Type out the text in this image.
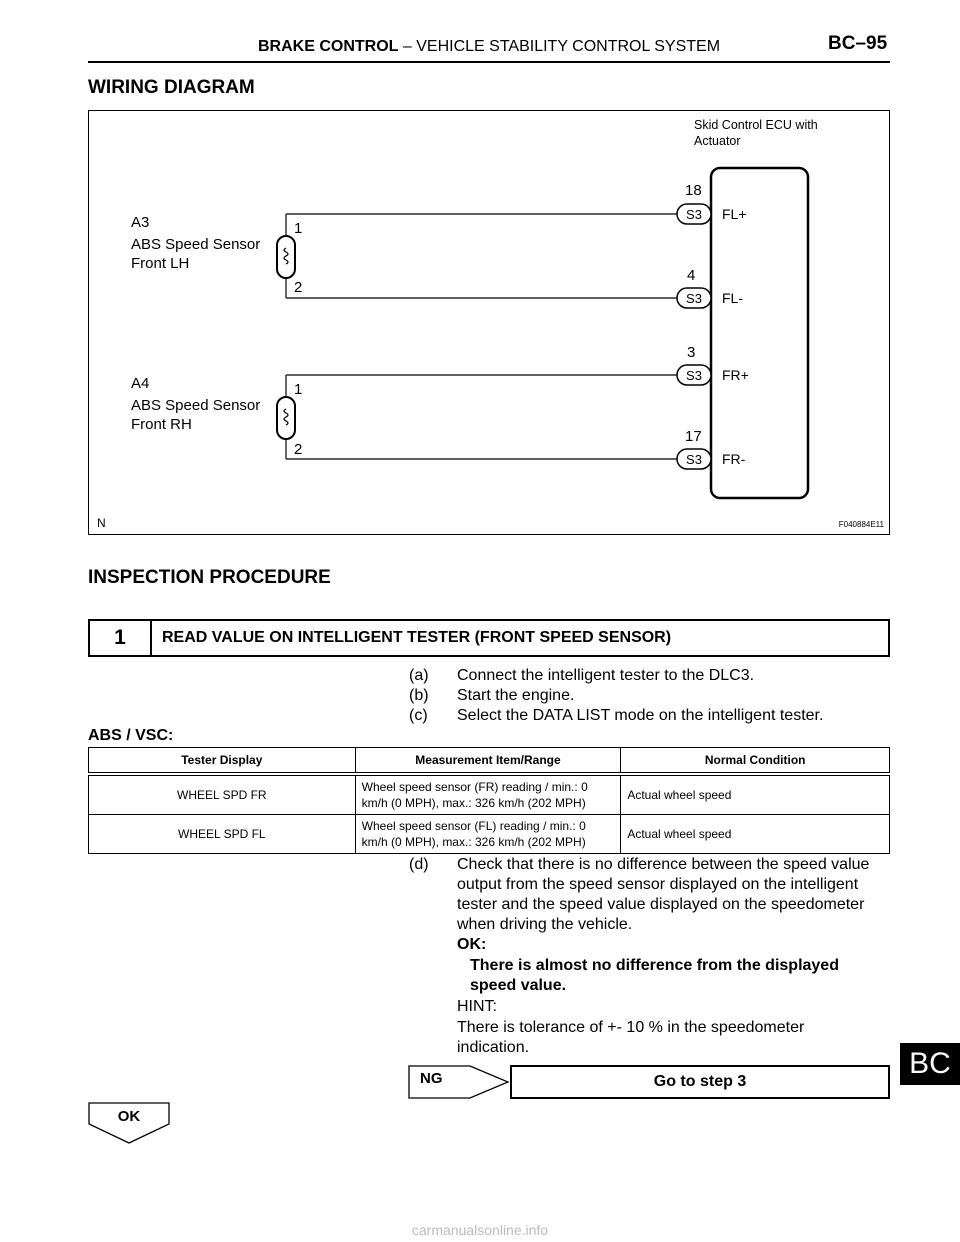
BRAKE CONTROL – VEHICLE STABILITY CONTROL SYSTEM	BC–95
WIRING DIAGRAM
Skid Control ECU with
Actuator
A3
ABS Speed Sensor
Front LH
1
2
A4
ABS Speed Sensor
Front RH
1
2
18
S3 FL+
4
S3 FL-
3
S3 FR+
17
S3 FR-
N	F040884E11
INSPECTION PROCEDURE
1	READ VALUE ON INTELLIGENT TESTER (FRONT SPEED SENSOR)
(a) Connect the intelligent tester to the DLC3.
(b) Start the engine.
(c) Select the DATA LIST mode on the intelligent tester.
ABS / VSC:
Tester Display	Measurement Item/Range	Normal Condition
WHEEL SPD FR	Wheel speed sensor (FR) reading / min.: 0
km/h (0 MPH), max.: 326 km/h (202 MPH)	Actual wheel speed
WHEEL SPD FL	Wheel speed sensor (FL) reading / min.: 0
km/h (0 MPH), max.: 326 km/h (202 MPH)	Actual wheel speed
(d) Check that there is no difference between the speed value output from the speed sensor displayed on the intelligent tester and the speed value displayed on the speedometer when driving the vehicle.
OK:
There is almost no difference from the displayed speed value.
HINT:
There is tolerance of +- 10 % in the speedometer indication.
NG	Go to step 3
OK
BC
carmanualsonline.info
